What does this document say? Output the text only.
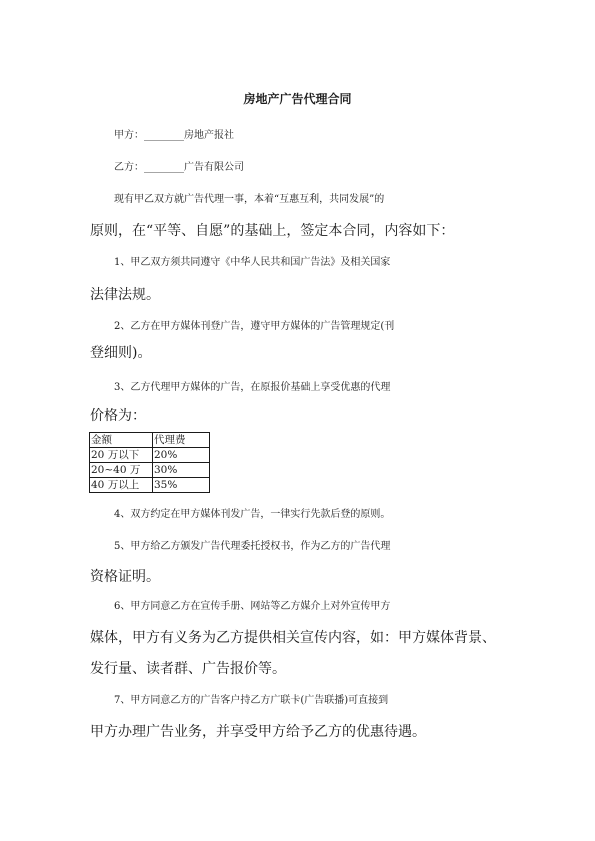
房地产广告代理合同
甲方：________房地产报社
乙方：________广告有限公司
现有甲乙双方就广告代理一事，本着“互惠互利，共同发展”的
原则，在“平等、自愿”的基础上，签定本合同，内容如下：
1、甲乙双方须共同遵守《中华人民共和国广告法》及相关国家
法律法规。
2、乙方在甲方媒体刊登广告，遵守甲方媒体的广告管理规定(刊
登细则)。
3、乙方代理甲方媒体的广告，在原报价基础上享受优惠的代理
价格为：
金额	代理费
20 万以下	20%
20~40 万	30%
40 万以上	35%
4、双方约定在甲方媒体刊发广告，一律实行先款后登的原则。
5、甲方给乙方颁发广告代理委托授权书，作为乙方的广告代理
资格证明。
6、甲方同意乙方在宣传手册、网站等乙方媒介上对外宣传甲方
媒体，甲方有义务为乙方提供相关宣传内容，如：甲方媒体背景、
发行量、读者群、广告报价等。
7、甲方同意乙方的广告客户持乙方广联卡(广告联播)可直接到
甲方办理广告业务，并享受甲方给予乙方的优惠待遇。
